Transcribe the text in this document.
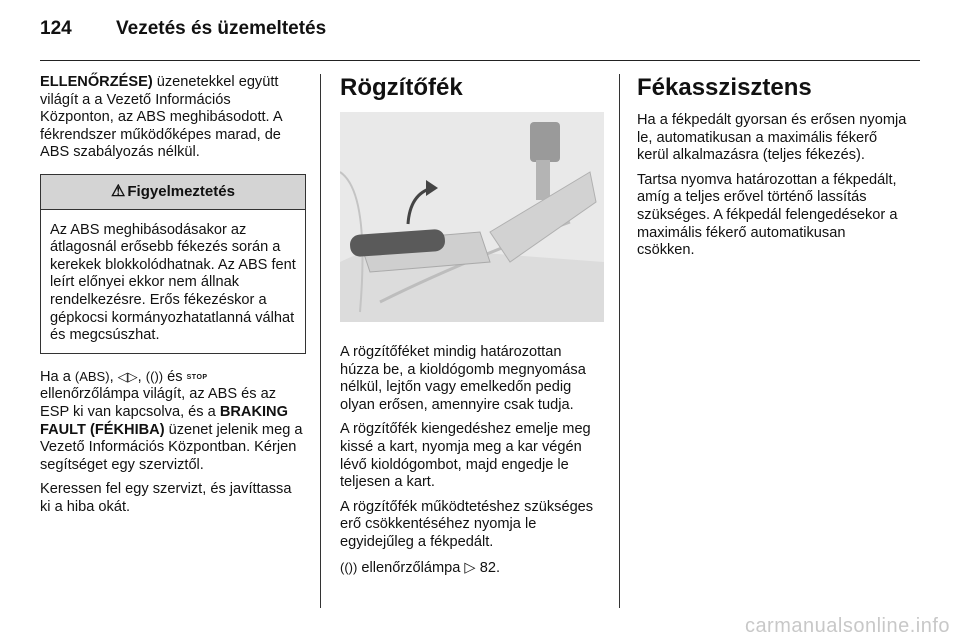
124 Vezetés és üzemeltetés

ELLENŐRZÉSE) üzenetekkel együtt világít a a Vezető Információs Központon, az ABS meghibásodott. A fékrendszer működőképes marad, de ABS szabályozás nélkül.

⚠ Figyelmeztetés
Az ABS meghibásodásakor az átlagosnál erősebb fékezés során a kerekek blokkolódhatnak. Az ABS fent leírt előnyei ekkor nem állnak rendelkezésre. Erős fékezéskor a gépkocsi kormányozhatatlanná válhat és megcsúszhat.

Ha a (ABS), ◁▷, (()) és STOP ellenőrzőlámpa világít, az ABS és az ESP ki van kapcsolva, és a BRAKING FAULT (FÉKHIBA) üzenet jelenik meg a Vezető Információs Központban. Kérjen segítséget egy szerviztől.

Keressen fel egy szervizt, és javíttassa ki a hiba okát.

Rögzítőfék

A rögzítőféket mindig határozottan húzza be, a kioldógomb megnyomása nélkül, lejtőn vagy emelkedőn pedig olyan erősen, amennyire csak tudja.

A rögzítőfék kiengedéshez emelje meg kissé a kart, nyomja meg a kar végén lévő kioldógombot, majd engedje le teljesen a kart.

A rögzítőfék működtetéshez szükséges erő csökkentéséhez nyomja le egyidejűleg a fékpedált.

(()) ellenőrzőlámpa ▷ 82.

Fékasszisztens

Ha a fékpedált gyorsan és erősen nyomja le, automatikusan a maximális fékerő kerül alkalmazásra (teljes fékezés).

Tartsa nyomva határozottan a fékpedált, amíg a teljes erővel történő lassítás szükséges. A fékpedál felengedésekor a maximális fékerő automatikusan csökken.

carmanualsonline.info
